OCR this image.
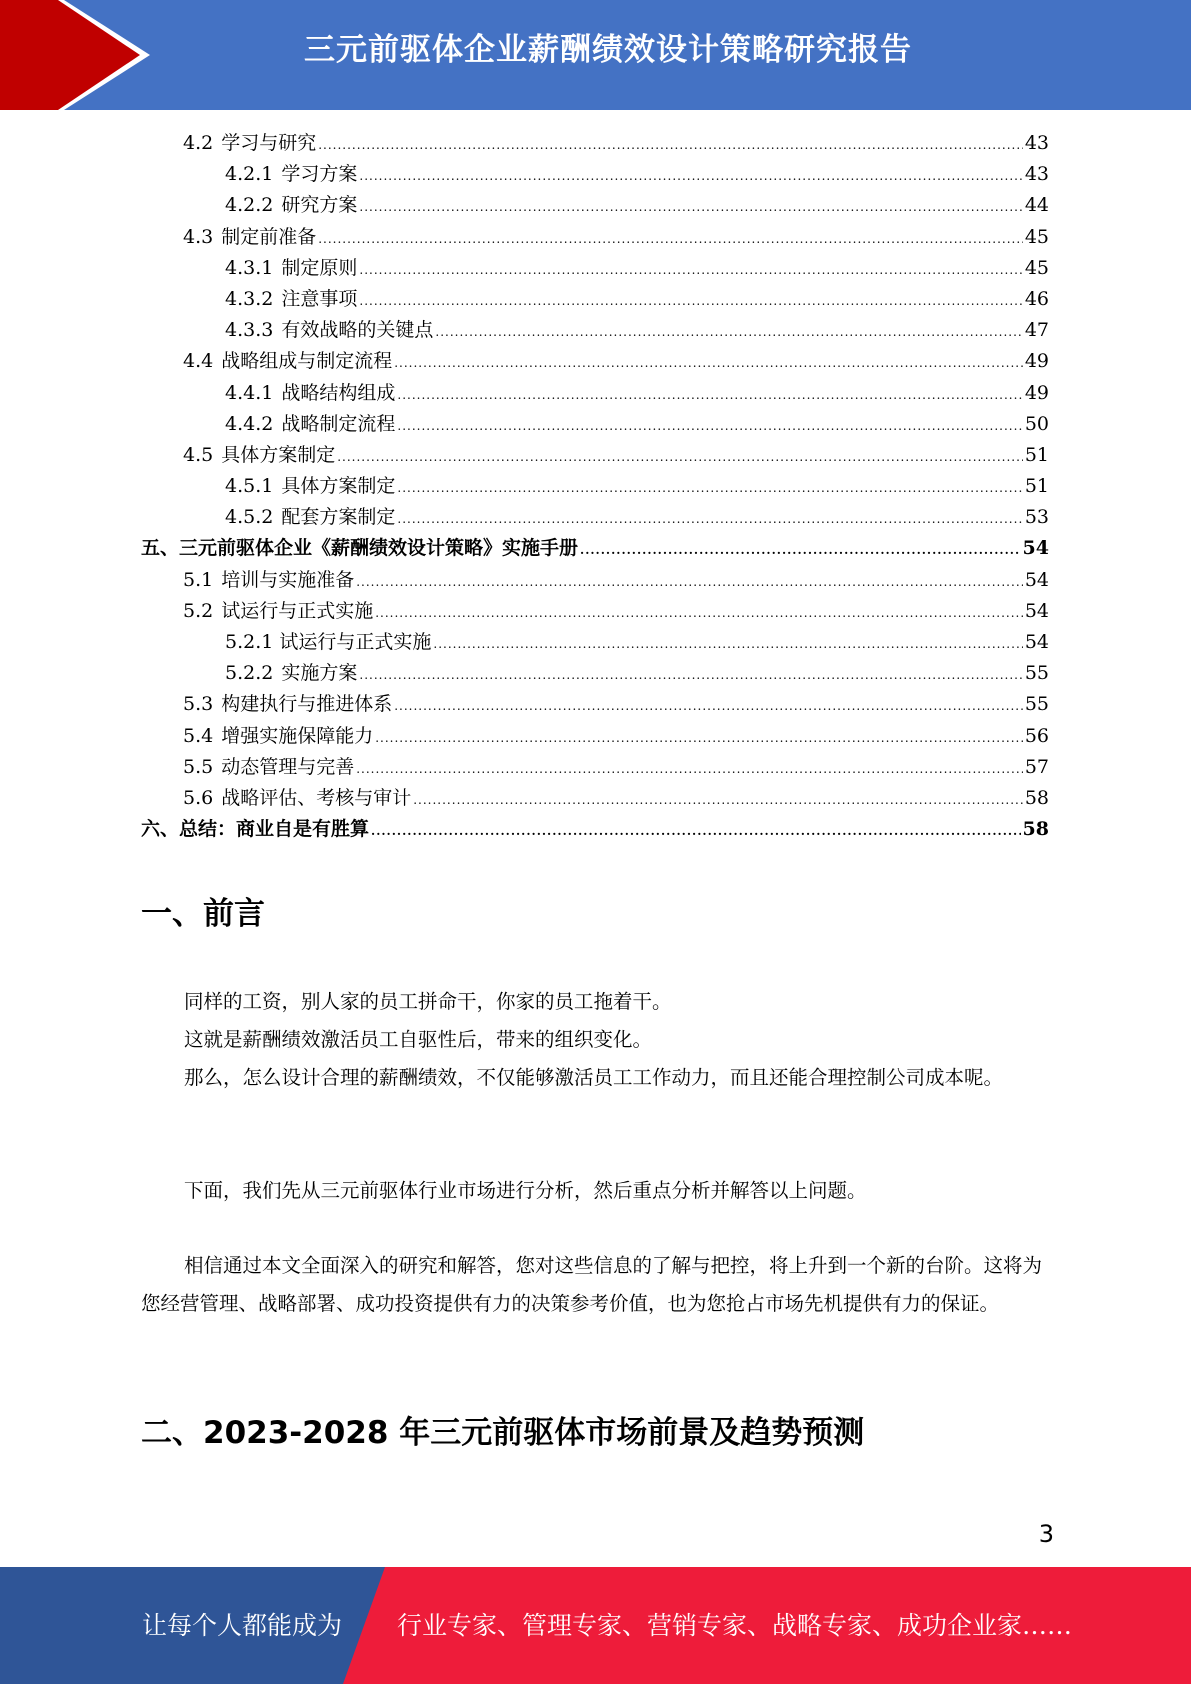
三元前驱体企业薪酬绩效设计策略研究报告
4.2 学习与研究 .....	43
4.2.1 学习方案 .....	43
4.2.2 研究方案 .....	44
4.3 制定前准备 .....	45
4.3.1 制定原则 .....	45
4.3.2 注意事项 .....	46
4.3.3 有效战略的关键点 .....	47
4.4 战略组成与制定流程 .....	49
4.4.1 战略结构组成 .....	49
4.4.2 战略制定流程 .....	50
4.5 具体方案制定 .....	51
4.5.1 具体方案制定 .....	51
4.5.2 配套方案制定 .....	53
五、三元前驱体企业《薪酬绩效设计策略》实施手册 .....	54
5.1 培训与实施准备 .....	54
5.2 试运行与正式实施 .....	54
5.2.1 试运行与正式实施 .....	54
5.2.2 实施方案 .....	55
5.3 构建执行与推进体系 .....	55
5.4 增强实施保障能力 .....	56
5.5 动态管理与完善 .....	57
5.6 战略评估、考核与审计 .....	58
六、总结：商业自是有胜算 .....	58
一、前言

同样的工资，别人家的员工拼命干，你家的员工拖着干。

这就是薪酬绩效激活员工自驱性后，带来的组织变化。

那么，怎么设计合理的薪酬绩效，不仅能够激活员工工作动力，而且还能合理控制公司成本呢。

下面，我们先从三元前驱体行业市场进行分析，然后重点分析并解答以上问题。

相信通过本文全面深入的研究和解答，您对这些信息的了解与把控，将上升到一个新的台阶。这将为您经营管理、战略部署、成功投资提供有力的决策参考价值，也为您抢占市场先机提供有力的保证。

二、2023-2028 年三元前驱体市场前景及趋势预测
3
让每个人都能成为 行业专家、管理专家、营销专家、战略专家、成功企业家……
